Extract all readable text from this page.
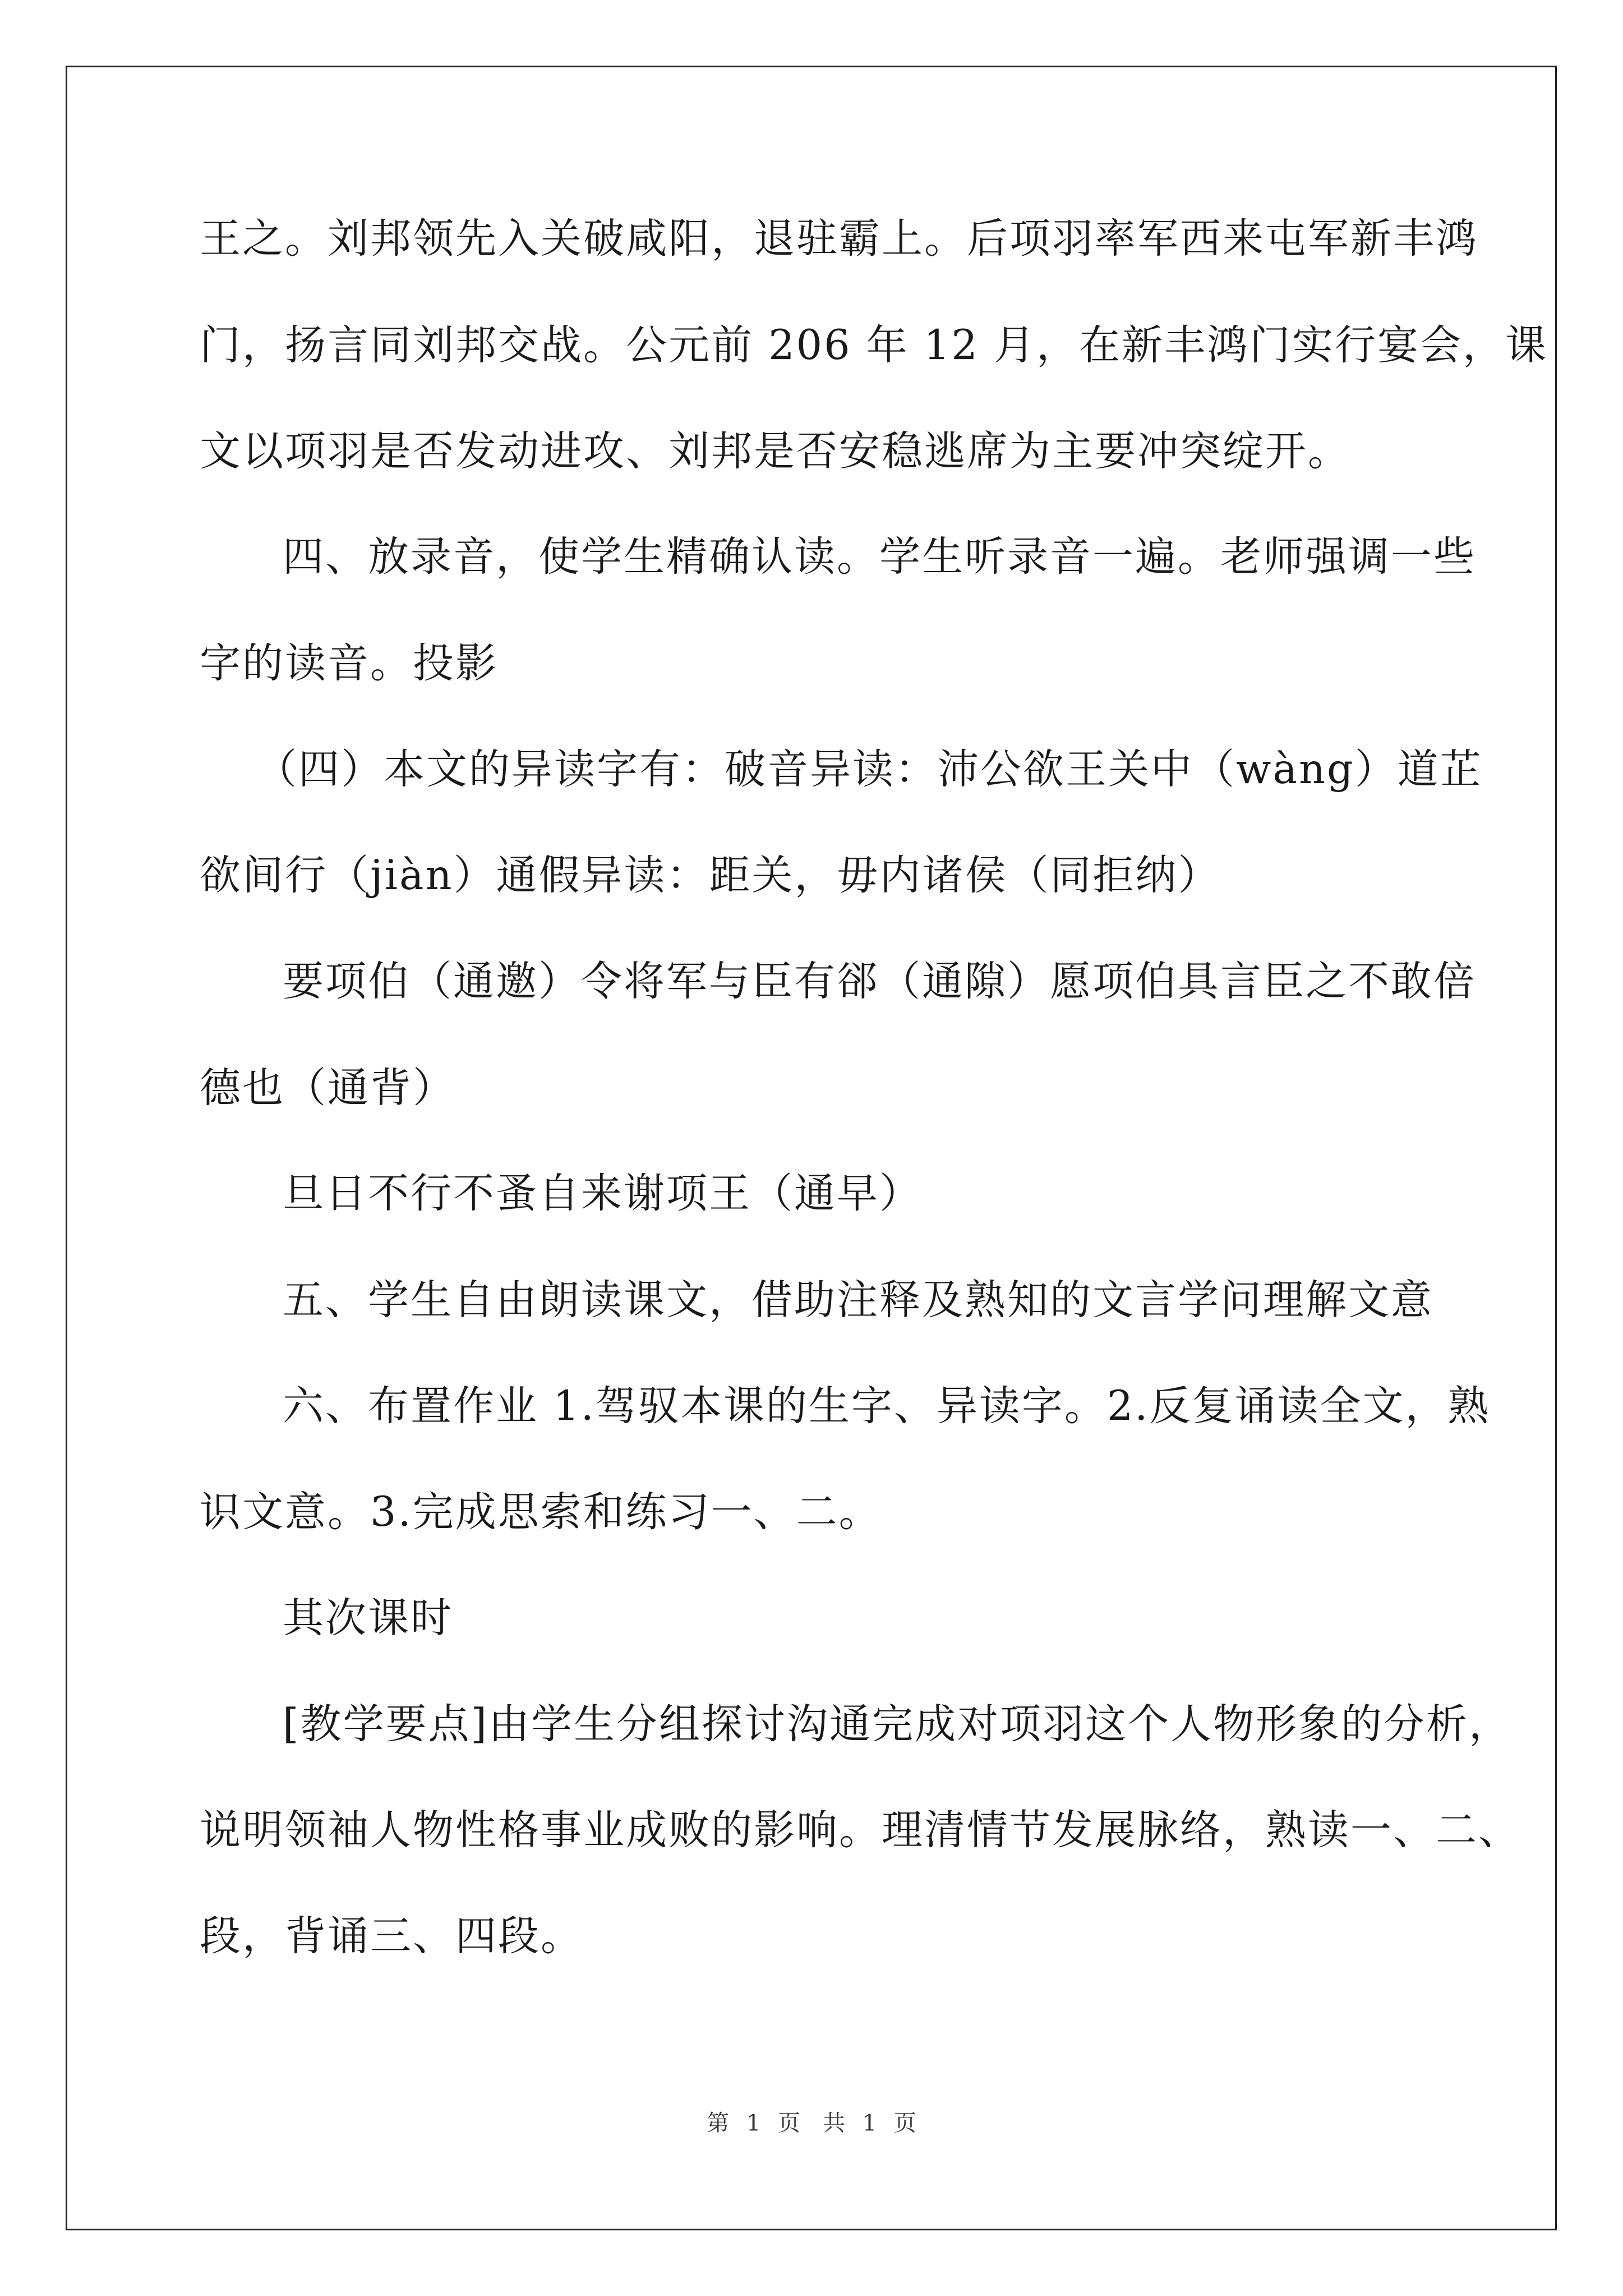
王之。刘邦领先入关破咸阳，退驻霸上。后项羽率军西来屯军新丰鸿
门，扬言同刘邦交战。公元前 206 年 12 月，在新丰鸿门实行宴会，课
文以项羽是否发动进攻、刘邦是否安稳逃席为主要冲突绽开。
四、放录音，使学生精确认读。学生听录音一遍。老师强调一些
字的读音。投影
（四）本文的异读字有：破音异读：沛公欲王关中（wàng）道芷
欲间行（jiàn）通假异读：距关，毋内诸侯（同拒纳）
要项伯（通邀）令将军与臣有郤（通隙）愿项伯具言臣之不敢倍
德也（通背）
旦日不行不蚤自来谢项王（通早）
五、学生自由朗读课文，借助注释及熟知的文言学问理解文意
六、布置作业 1.驾驭本课的生字、异读字。2.反复诵读全文，熟
识文意。3.完成思索和练习一、二。
其次课时
[教学要点]由学生分组探讨沟通完成对项羽这个人物形象的分析，
说明领袖人物性格事业成败的影响。理清情节发展脉络，熟读一、二、
段，背诵三、四段。
第 1 页　共 1 页
